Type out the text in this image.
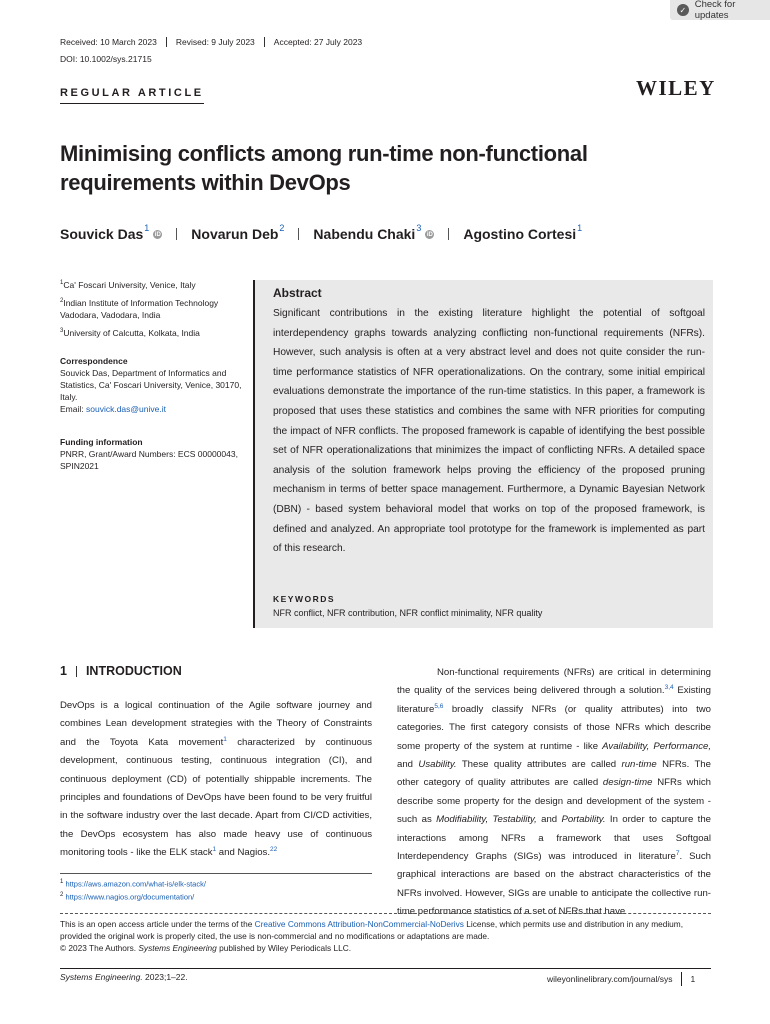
✓ Check for updates
Received: 10 March 2023	Revised: 9 July 2023	Accepted: 27 July 2023
DOI: 10.1002/sys.21715
REGULAR ARTICLE	WILEY
Minimising conflicts among run-time non-functional
requirements within DevOps
Souvick Das$^1$
iD Novarun Deb$^2$ Nabendu Chaki$^3$
iD Agostino Cortesi$^1$
$^1$Ca' Foscari University, Venice, Italy
$^2$Indian Institute of Information Technology Vadodara, Vadodara, India
$^3$University of Calcutta, Kolkata, India
Correspondence
Souvick Das, Department of Informatics and Statistics, Ca' Foscari University, Venice, 30170, Italy.
Email: souvick.das@unive.it
Funding information
PNRR, Grant/Award Numbers: ECS 00000043, SPIN2021
Abstract
Significant contributions in the existing literature highlight the potential of softgoal interdependency graphs towards analyzing conflicting non-functional requirements (NFRs). However, such analysis is often at a very abstract level and does not quite consider the run-time performance statistics of NFR operationalizations. On the contrary, some initial empirical evaluations demonstrate the importance of the run-time statistics. In this paper, a framework is proposed that uses these statistics and combines the same with NFR priorities for computing the impact of NFR conflicts. The proposed framework is capable of identifying the best possible set of NFR operationalizations that minimizes the impact of conflicting NFRs. A detailed space analysis of the solution framework helps proving the efficiency of the proposed pruning mechanism in terms of better space management. Furthermore, a Dynamic Bayesian Network (DBN) - based system behavioral model that works on top of the proposed framework, is defined and analyzed. An appropriate tool prototype for the framework is implemented as part of this research.
KEYWORDS
NFR conflict, NFR contribution, NFR conflict minimality, NFR quality
1 INTRODUCTION
DevOps is a logical continuation of the Agile software journey and combines Lean development strategies with the Theory of Constraints and the Toyota Kata movement$^1$ characterized by continuous development, continuous testing, continuous integration (CI), and continuous deployment (CD) of potentially shippable increments. The principles and foundations of DevOps have been found to be very fruitful in the software industry over the last decade. Apart from CI/CD activities, the DevOps ecosystem has also made heavy use of continuous monitoring tools - like the ELK stack$^1$ and Nagios.$^{22}$
Non-functional requirements (NFRs) are critical in determining the quality of the services being delivered through a solution.$^{3,4}$ Existing literature$^{5,6}$ broadly classify NFRs (or quality attributes) into two categories. The first category consists of those NFRs which describe some property of the system at runtime - like Availability, Performance, and Usability. These quality attributes are called run-time NFRs. The other category of quality attributes are called design-time NFRs which describe some property for the design and development of the system - such as Modifiability, Testability, and Portability. In order to capture the interactions among NFRs a framework that uses Softgoal Interdependency Graphs (SIGs) was introduced in literature$^7$. Such graphical interactions are based on the abstract characteristics of the NFRs involved. However, SIGs are unable to anticipate the collective run-time performance statistics of a set of NFRs that have
$^1$ https://aws.amazon.com/what-is/elk-stack/
$^2$ https://www.nagios.org/documentation/
This is an open access article under the terms of the Creative Commons Attribution-NonCommercial-NoDerivs License, which permits use and distribution in any medium, provided the original work is properly cited, the use is non-commercial and no modifications or adaptations are made.
© 2023 The Authors. Systems Engineering published by Wiley Periodicals LLC.
Systems Engineering. 2023;1–22.	wileyonlinelibrary.com/journal/sys 1
